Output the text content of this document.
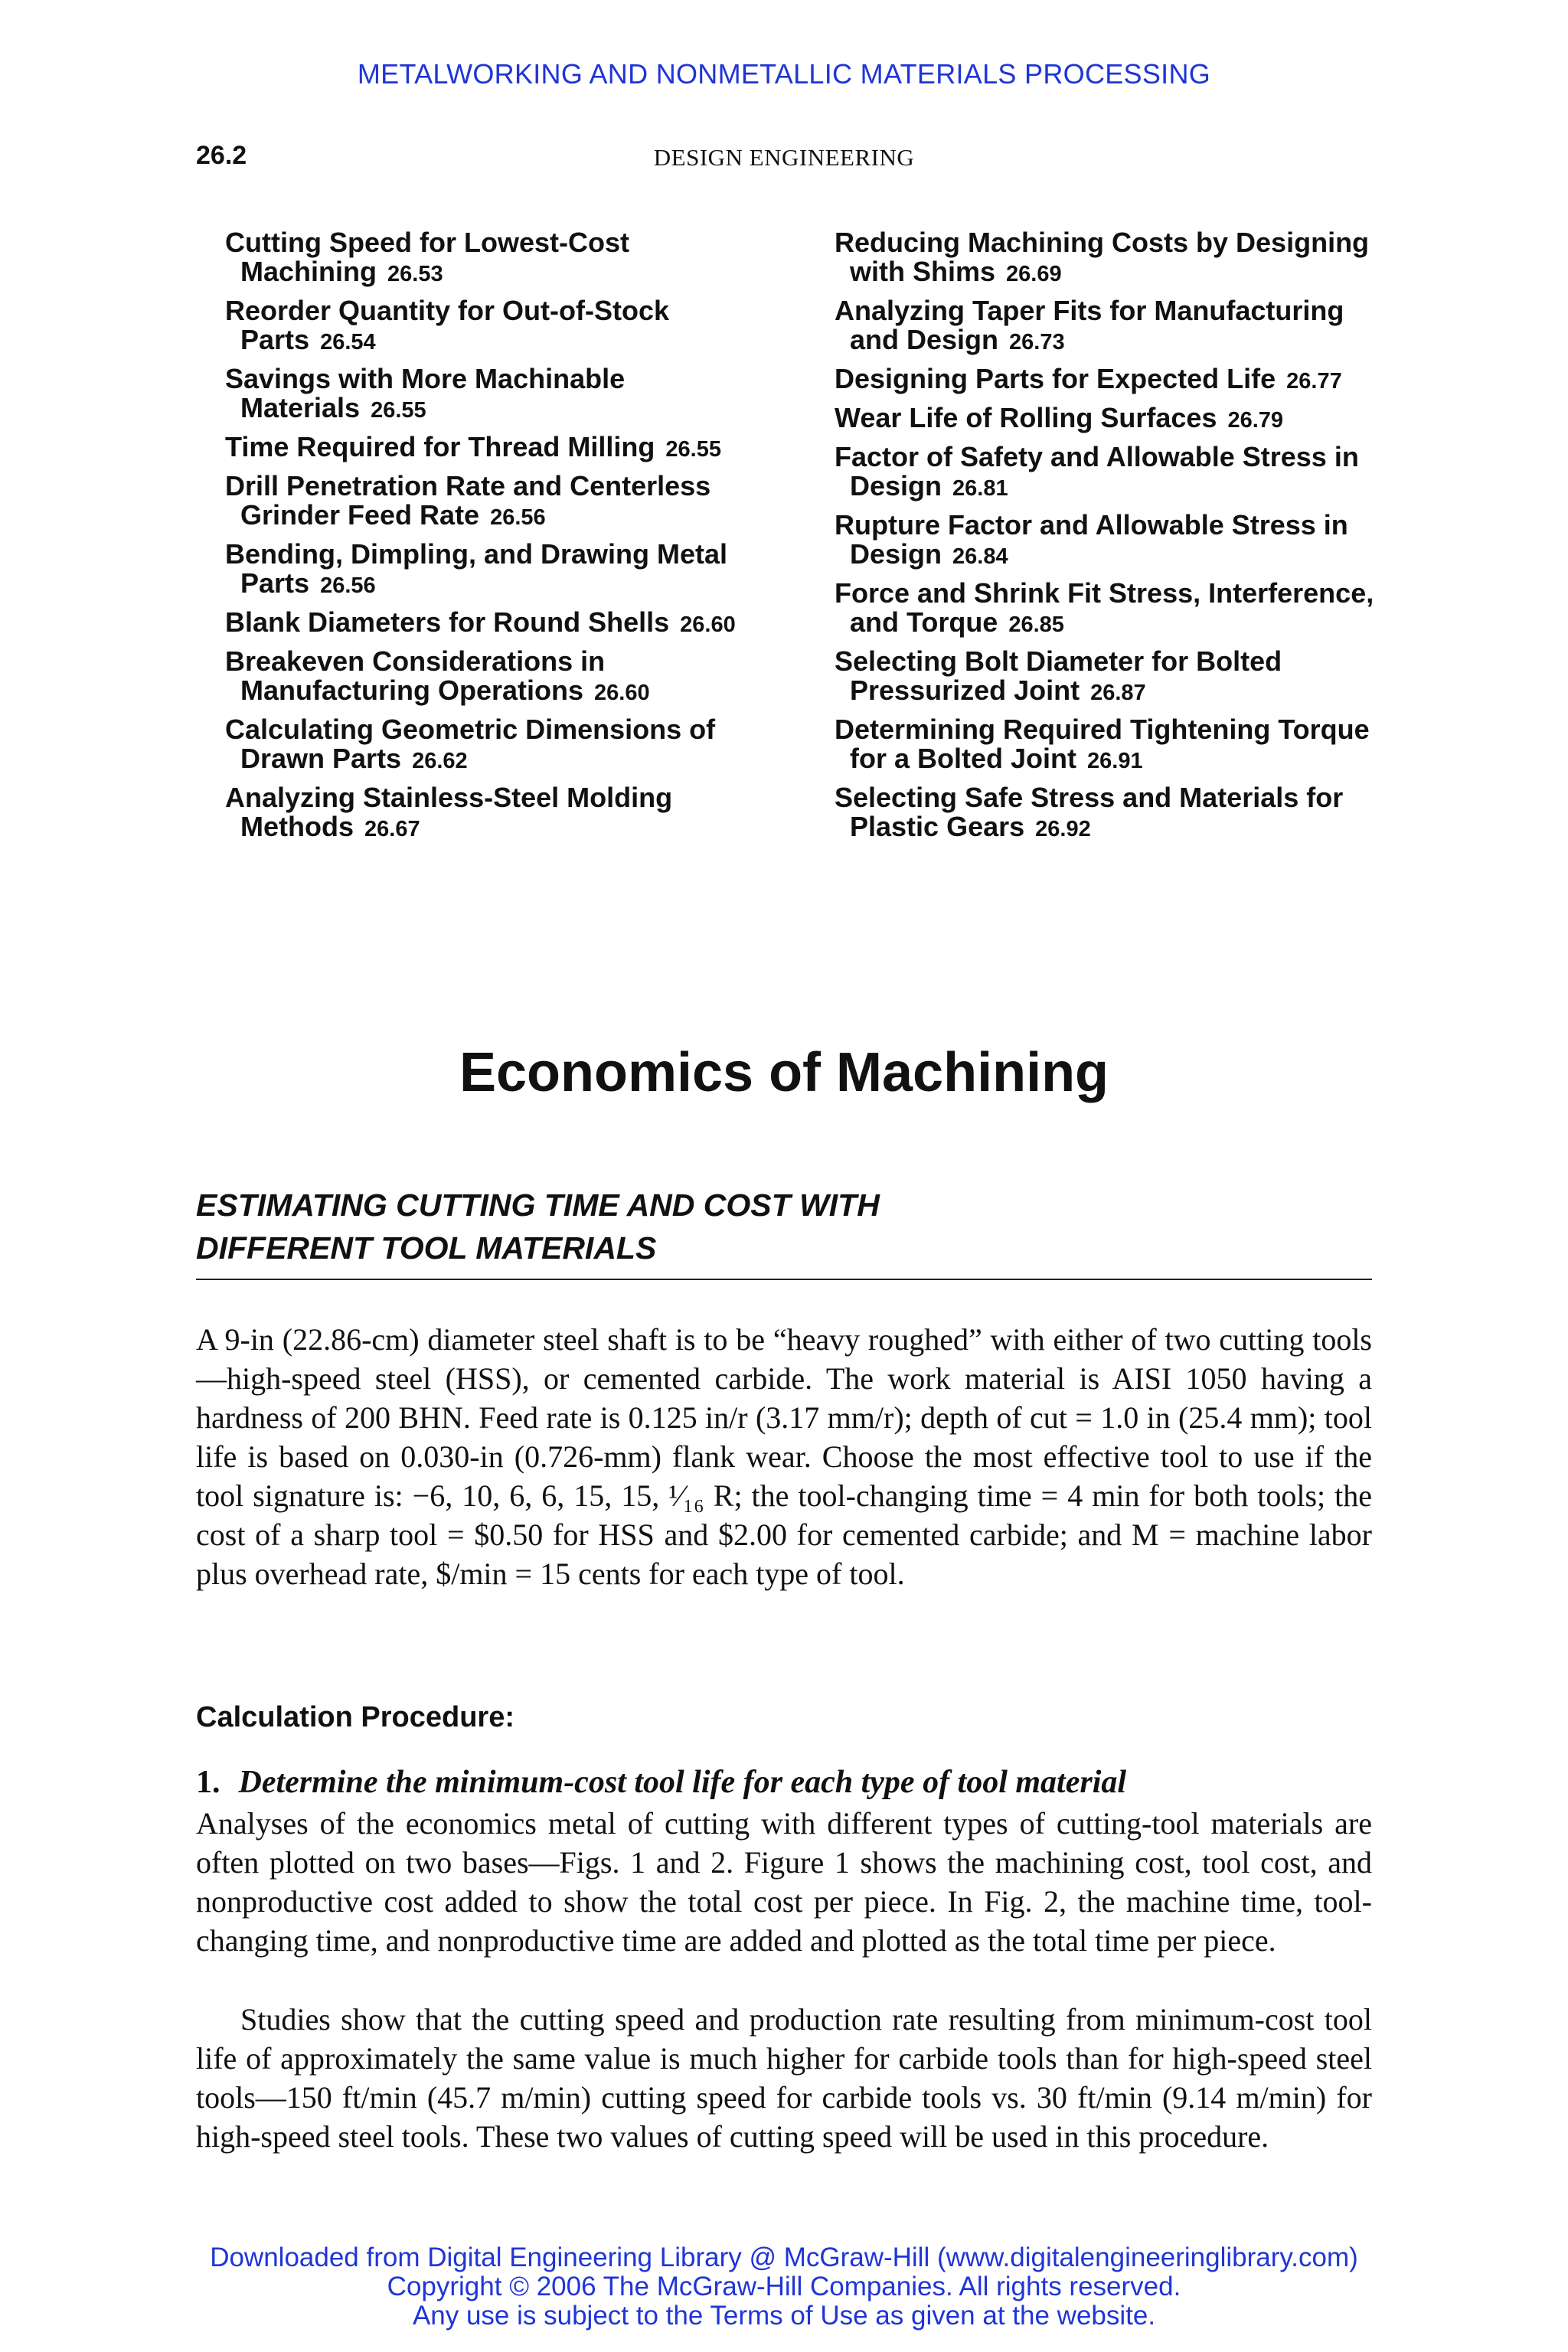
METALWORKING AND NONMETALLIC MATERIALS PROCESSING
26.2	DESIGN ENGINEERING
Cutting Speed for Lowest-Cost Machining 26.53
Reorder Quantity for Out-of-Stock Parts 26.54
Savings with More Machinable Materials 26.55
Time Required for Thread Milling 26.55
Drill Penetration Rate and Centerless Grinder Feed Rate 26.56
Bending, Dimpling, and Drawing Metal Parts 26.56
Blank Diameters for Round Shells 26.60
Breakeven Considerations in Manufacturing Operations 26.60
Calculating Geometric Dimensions of Drawn Parts 26.62
Analyzing Stainless-Steel Molding Methods 26.67
Reducing Machining Costs by Designing with Shims 26.69
Analyzing Taper Fits for Manufacturing and Design 26.73
Designing Parts for Expected Life 26.77
Wear Life of Rolling Surfaces 26.79
Factor of Safety and Allowable Stress in Design 26.81
Rupture Factor and Allowable Stress in Design 26.84
Force and Shrink Fit Stress, Interference, and Torque 26.85
Selecting Bolt Diameter for Bolted Pressurized Joint 26.87
Determining Required Tightening Torque for a Bolted Joint 26.91
Selecting Safe Stress and Materials for Plastic Gears 26.92
Economics of Machining
ESTIMATING CUTTING TIME AND COST WITH
DIFFERENT TOOL MATERIALS

A 9-in (22.86-cm) diameter steel shaft is to be “heavy roughed” with either of two cutting tools—high-speed steel (HSS), or cemented carbide. The work material is AISI 1050 having a hardness of 200 BHN. Feed rate is 0.125 in/r (3.17 mm/r); depth of cut = 1.0 in (25.4 mm); tool life is based on 0.030-in (0.726-mm) flank wear. Choose the most effective tool to use if the tool signature is: −6, 10, 6, 6, 15, 15, ¹⁄₁₆ R; the tool-changing time = 4 min for both tools; the cost of a sharp tool = $0.50 for HSS and $2.00 for cemented carbide; and M = machine labor plus overhead rate, $/min = 15 cents for each type of tool.

Calculation Procedure:
1. Determine the minimum-cost tool life for each type of tool material

Analyses of the economics metal of cutting with different types of cutting-tool materials are often plotted on two bases—Figs. 1 and 2. Figure 1 shows the machining cost, tool cost, and nonproductive cost added to show the total cost per piece. In Fig. 2, the machine time, tool-changing time, and nonproductive time are added and plotted as the total time per piece.

Studies show that the cutting speed and production rate resulting from minimum-cost tool life of approximately the same value is much higher for carbide tools than for high-speed steel tools—150 ft/min (45.7 m/min) cutting speed for carbide tools vs. 30 ft/min (9.14 m/min) for high-speed steel tools. These two values of cutting speed will be used in this procedure.

Downloaded from Digital Engineering Library @ McGraw-Hill (www.digitalengineeringlibrary.com)
Copyright © 2006 The McGraw-Hill Companies. All rights reserved.
Any use is subject to the Terms of Use as given at the website.
